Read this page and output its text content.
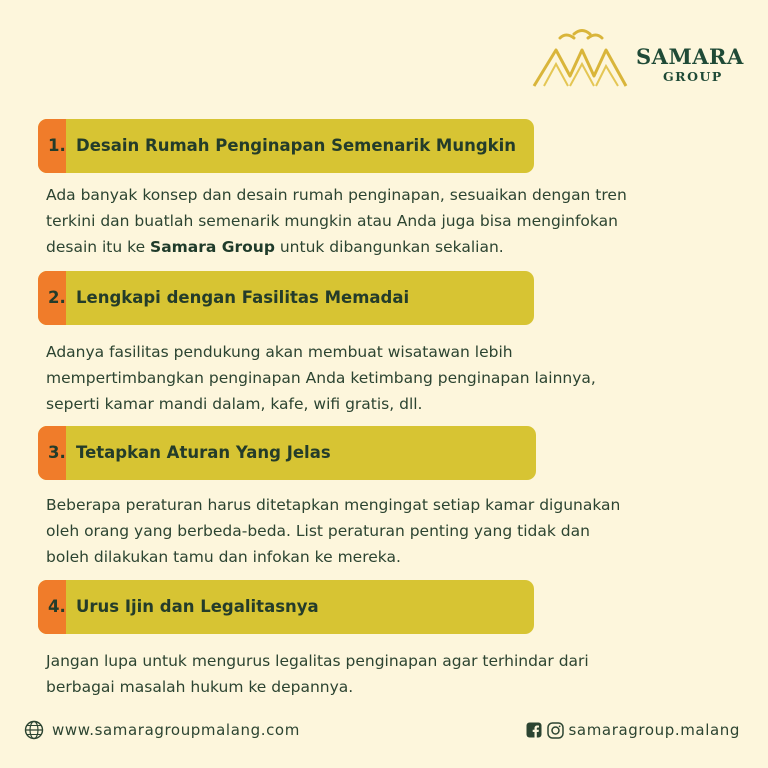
SAMARA
GROUP
1. Desain Rumah Penginapan Semenarik Mungkin

Ada banyak konsep dan desain rumah penginapan, sesuaikan dengan tren
terkini dan buatlah semenarik mungkin atau Anda juga bisa menginfokan
desain itu ke Samara Group untuk dibangunkan sekalian.

2. Lengkapi dengan Fasilitas Memadai

Adanya fasilitas pendukung akan membuat wisatawan lebih
mempertimbangkan penginapan Anda ketimbang penginapan lainnya,
seperti kamar mandi dalam, kafe, wifi gratis, dll.

3. Tetapkan Aturan Yang Jelas

Beberapa peraturan harus ditetapkan mengingat setiap kamar digunakan
oleh orang yang berbeda-beda. List peraturan penting yang tidak dan
boleh dilakukan tamu dan infokan ke mereka.

4. Urus Ijin dan Legalitasnya

Jangan lupa untuk mengurus legalitas penginapan agar terhindar dari
berbagai masalah hukum ke depannya.

www.samaragroupmalang.com	samaragroup.malang
